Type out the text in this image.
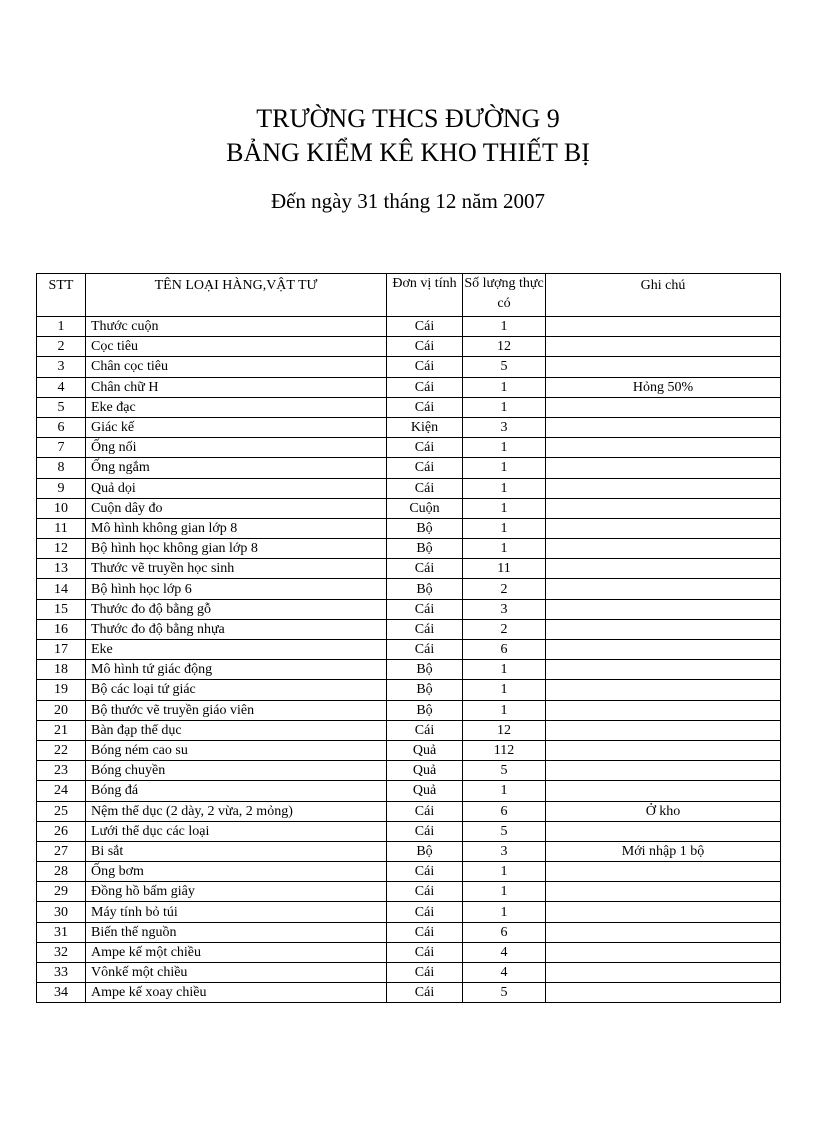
TRƯỜNG THCS ĐƯỜNG 9
BẢNG KIỂM KÊ KHO THIẾT BỊ
Đến ngày 31 tháng 12 năm 2007
STT	TÊN LOẠI HÀNG,VẬT TƯ	Đơn vị tính	Số lượng thực có	Ghi chú
1	Thước cuộn	Cái	1	
2	Cọc tiêu	Cái	12	
3	Chân cọc tiêu	Cái	5	
4	Chân chữ H	Cái	1	Hỏng 50%
5	Eke đạc	Cái	1	
6	Giác kế	Kiện	3	
7	Ống nối	Cái	1	
8	Ống ngắm	Cái	1	
9	Quả dọi	Cái	1	
10	Cuộn dây đo	Cuộn	1	
11	Mô hình không gian lớp 8	Bộ	1	
12	Bộ hình học không gian lớp 8	Bộ	1	
13	Thước vẽ truyền học sinh	Cái	11	
14	Bộ hình học lớp 6	Bộ	2	
15	Thước đo độ bằng gỗ	Cái	3	
16	Thước đo độ bằng nhựa	Cái	2	
17	Eke	Cái	6	
18	Mô hình tứ giác động	Bộ	1	
19	Bộ các loại tứ giác	Bộ	1	
20	Bộ thước vẽ truyền giáo viên	Bộ	1	
21	Bàn đạp thể dục	Cái	12	
22	Bóng ném cao su	Quả	112	
23	Bóng chuyền	Quả	5	
24	Bóng đá	Quả	1	
25	Nệm thể dục (2 dày, 2 vừa, 2 mỏng)	Cái	6	Ở kho
26	Lưới thể dục các loại	Cái	5	
27	Bi sắt	Bộ	3	Mới nhập 1 bộ
28	Ống bơm	Cái	1	
29	Đồng hồ bấm giây	Cái	1	
30	Máy tính bỏ túi	Cái	1	
31	Biến thế nguồn	Cái	6	
32	Ampe kế một chiều	Cái	4	
33	Vônkế một chiều	Cái	4	
34	Ampe kế xoay chiều	Cái	5	
